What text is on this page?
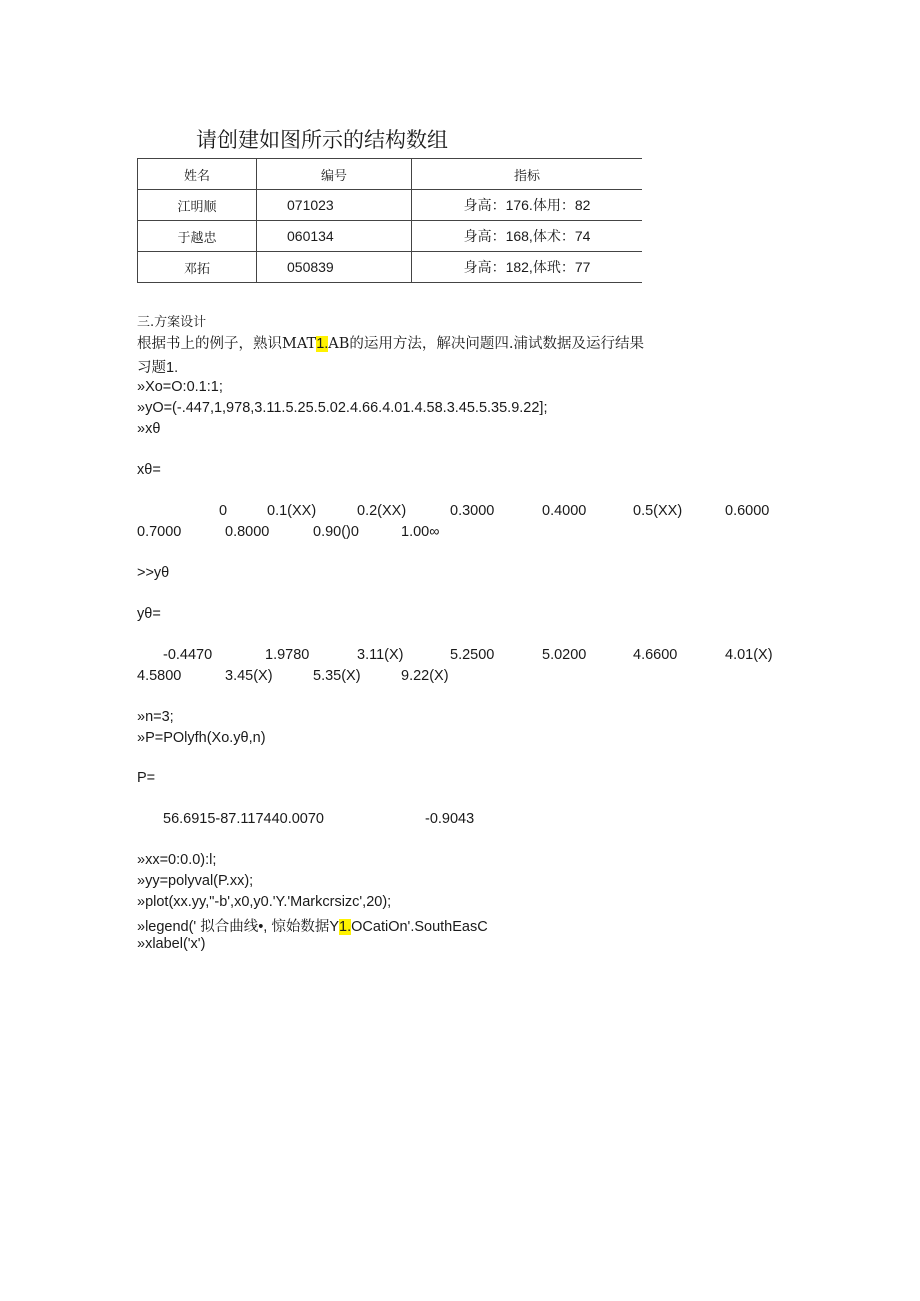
请创建如图所示的结构数组
姓名	编号	指标
江明顺	071023	身高：176.体用：82
于越忠	060134	身高：168,体术：74
邓拓	050839	身高：182,体玳：77
三.方案设计
根据书上的例子，熟识MAT1.AB的运用方法，解决问题四.浦试数据及运行结果
习题1.
»Xo=O:0.1:1;
»yO=(-.447,1,978,3.11.5.25.5.02.4.66.4.01.4.58.3.45.5.35.9.22];
»xθ
xθ=
0	0.1(XX)	0.2(XX)	0.3000	0.4000	0.5(XX)	0.6000
0.7000	0.8000	0.90()0	1.00∞
>>yθ
yθ=
-0.4470	1.9780	3.11(X)	5.2500	5.0200	4.6600	4.01(X)
4.5800	3.45(X)	5.35(X)	9.22(X)
»n=3;
»P=POlyfh(Xo.yθ,n)
P=
56.6915-87.117440.0070	-0.9043
»xx=0:0.0):l;
»yy=polyval(P.xx);
»plot(xx.yy,"-b',x0,y0.'Y.'Markcrsizc',20);
»legend(' 拟合曲线•, 惊始数据Y1.OCatiOn'.SouthEasC
»xlabel('x')
